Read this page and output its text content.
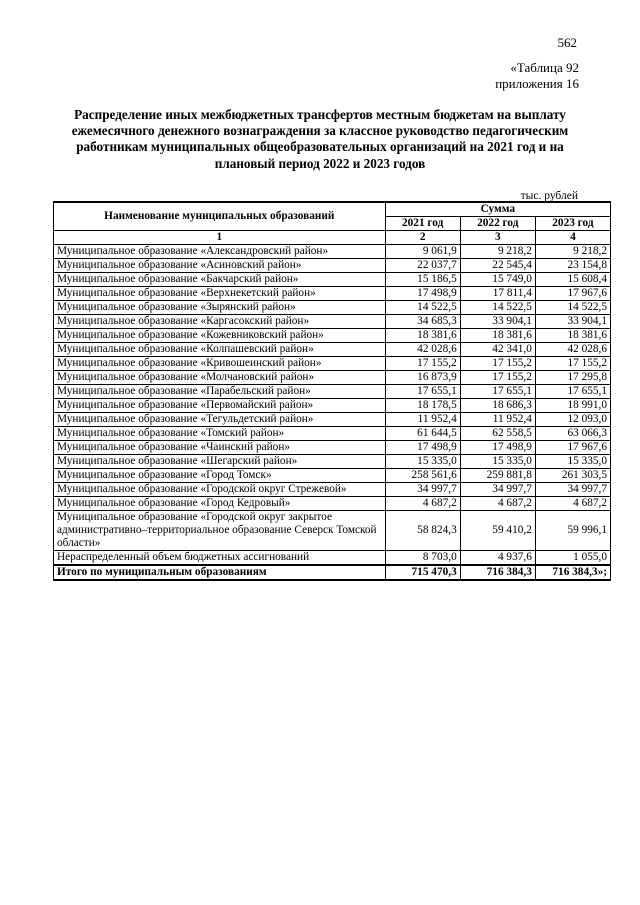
562
«Таблица 92
приложения 16
Распределение иных межбюджетных трансфертов местным бюджетам на выплату ежемесячного денежного вознаграждения за классное руководство педагогическим работникам муниципальных общеобразовательных организаций на 2021 год и на плановый период 2022 и 2023 годов
тыс. рублей
Наименование муниципальных образований	Сумма		
	2021 год	2022 год	2023 год
1	2	3	4
Муниципальное образование «Александровский район»	9 061,9	9 218,2	9 218,2
Муниципальное образование «Асиновский район»	22 037,7	22 545,4	23 154,8
Муниципальное образование «Бакчарский район»	15 186,5	15 749,0	15 608,4
Муниципальное образование «Верхнекетский район»	17 498,9	17 811,4	17 967,6
Муниципальное образование «Зырянский район»	14 522,5	14 522,5	14 522,5
Муниципальное образование «Каргасокский район»	34 685,3	33 904,1	33 904,1
Муниципальное образование «Кожевниковский район»	18 381,6	18 381,6	18 381,6
Муниципальное образование «Колпашевский район»	42 028,6	42 341,0	42 028,6
Муниципальное образование «Кривошеинский район»	17 155,2	17 155,2	17 155,2
Муниципальное образование «Молчановский район»	16 873,9	17 155,2	17 295,8
Муниципальное образование «Парабельский район»	17 655,1	17 655,1	17 655,1
Муниципальное образование «Первомайский район»	18 178,5	18 686,3	18 991,0
Муниципальное образование «Тегульдетский район»	11 952,4	11 952,4	12 093,0
Муниципальное образование «Томский район»	61 644,5	62 558,5	63 066,3
Муниципальное образование «Чаинский район»	17 498,9	17 498,9	17 967,6
Муниципальное образование «Шегарский район»	15 335,0	15 335,0	15 335,0
Муниципальное образование «Город Томск»	258 561,6	259 881,8	261 303,5
Муниципальное образование «Городской округ Стрежевой»	34 997,7	34 997,7	34 997,7
Муниципальное образование «Город Кедровый»	4 687,2	4 687,2	4 687,2
Муниципальное образование «Городской округ закрытое административно–территориальное образование Северск Томской области»	58 824,3	59 410,2	59 996,1
Нераспределенный объем бюджетных ассигнований	8 703,0	4 937,6	1 055,0
Итого по муниципальным образованиям	715 470,3	716 384,3	716 384,3»;
